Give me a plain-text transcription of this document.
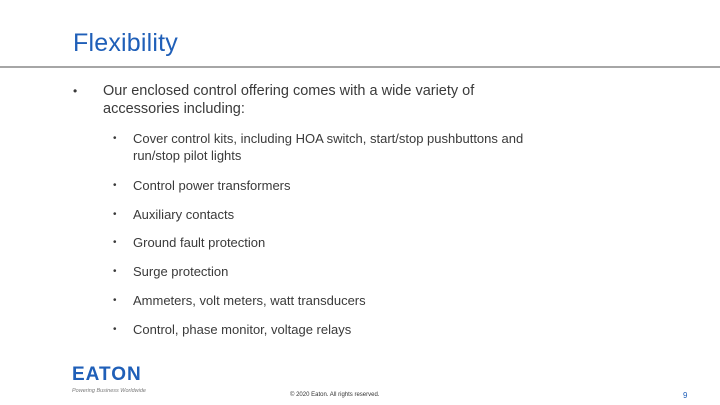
Flexibility
• Our enclosed control offering comes with a wide variety of accessories including:
• Cover control kits, including HOA switch, start/stop pushbuttons and run/stop pilot lights
• Control power transformers
• Auxiliary contacts
• Ground fault protection
• Surge protection
• Ammeters, volt meters, watt transducers
• Control, phase monitor, voltage relays
EATON
Powering Business Worldwide
© 2020 Eaton. All rights reserved.	9
